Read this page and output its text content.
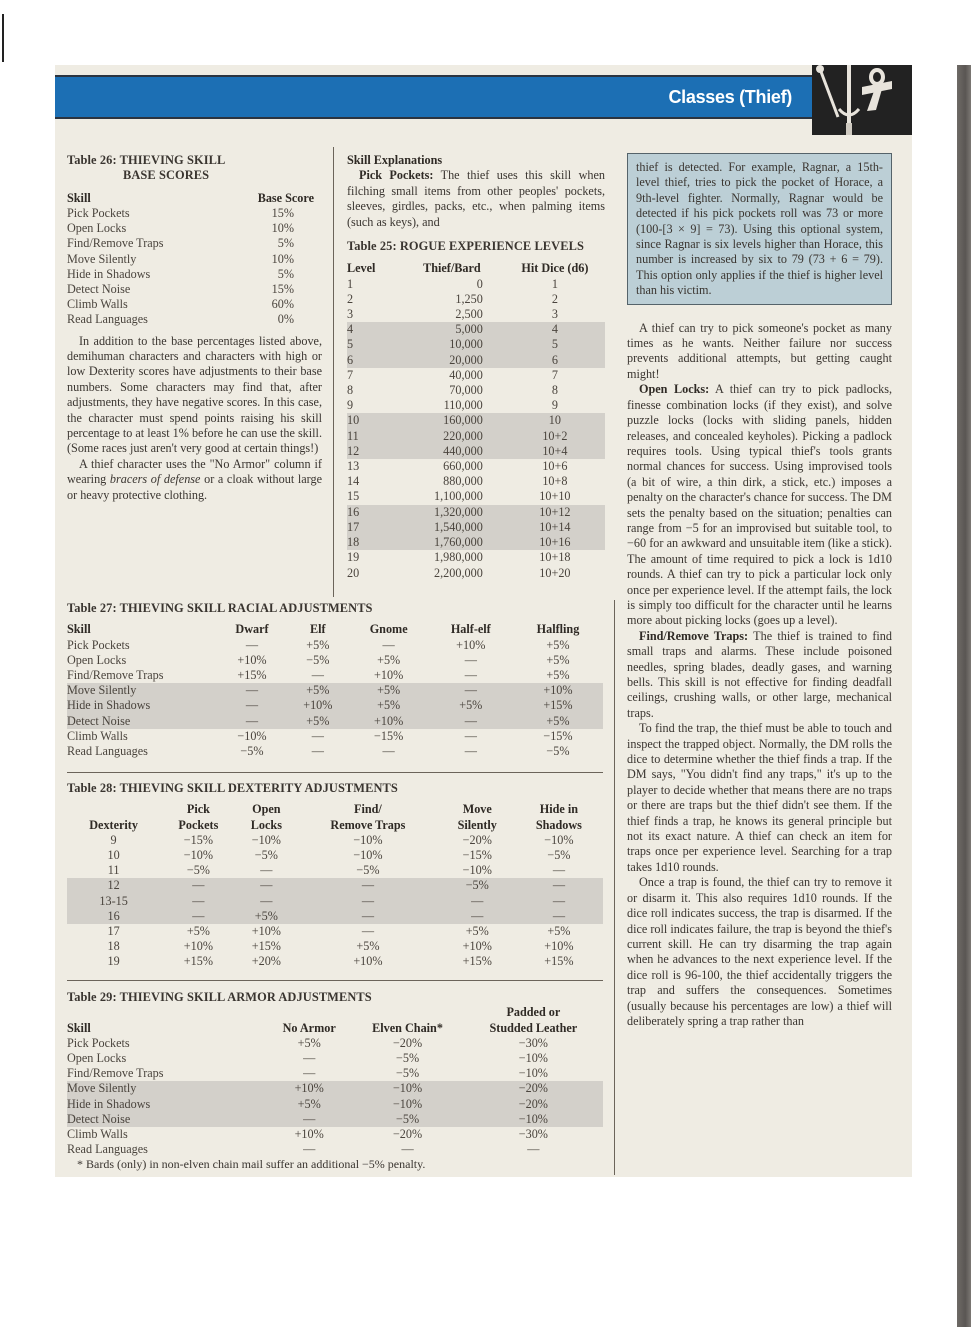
Classes (Thief)
Table 26: THIEVING SKILL
BASE SCORES
Skill	Base Score
Pick Pockets	15%
Open Locks	10%
Find/Remove Traps	5%
Move Silently	10%
Hide in Shadows	5%
Detect Noise	15%
Climb Walls	60%
Read Languages	0%

In addition to the base percentages listed above, demihuman characters and characters with high or low Dexterity scores have adjustments to their base numbers. Some characters may find that, after adjustments, they have negative scores. In this case, the character must spend points raising his skill percentage to at least 1% before he can use the skill. (Some races just aren't very good at certain things!)

A thief character uses the "No Armor" column if wearing bracers of defense or a cloak without large or heavy protective clothing.

Skill Explanations

Pick Pockets: The thief uses this skill when filching small items from other peoples' pockets, sleeves, girdles, packs, etc., when palming items (such as keys), and

Table 25: ROGUE EXPERIENCE LEVELS
Level	Thief/Bard	Hit Dice (d6)
1	0	1
2	1,250	2
3	2,500	3
4	5,000	4
5	10,000	5
6	20,000	6
7	40,000	7
8	70,000	8
9	110,000	9
10	160,000	10
11	220,000	10+2
12	440,000	10+4
13	660,000	10+6
14	880,000	10+8
15	1,100,000	10+10
16	1,320,000	10+12
17	1,540,000	10+14
18	1,760,000	10+16
19	1,980,000	10+18
20	2,200,000	10+20

thief is detected. For example, Ragnar, a 15th-level thief, tries to pick the pocket of Horace, a 9th-level fighter. Normally, Ragnar would be detected if his pick pockets roll was 73 or more (100-[3 × 9] = 73). Using this optional system, since Ragnar is six levels higher than Horace, this number is increased by six to 79 (73 + 6 = 79). This option only applies if the thief is higher level than his victim.

A thief can try to pick someone's pocket as many times as he wants. Neither failure nor success prevents additional attempts, but getting caught might!

Open Locks: A thief can try to pick padlocks, finesse combination locks (if they exist), and solve puzzle locks (locks with sliding panels, hidden releases, and concealed keyholes). Picking a padlock requires tools. Using typical thief's tools grants normal chances for success. Using improvised tools (a bit of wire, a thin dirk, a stick, etc.) imposes a penalty on the character's chance for success. The DM sets the penalty based on the situation; penalties can range from −5 for an improvised but suitable tool, to −60 for an awkward and unsuitable item (like a stick). The amount of time required to pick a lock is 1d10 rounds. A thief can try to pick a particular lock only once per experience level. If the attempt fails, the lock is simply too difficult for the character until he learns more about picking locks (goes up a level).

Find/Remove Traps: The thief is trained to find small traps and alarms. These include poisoned needles, spring blades, deadly gases, and warning bells. This skill is not effective for finding deadfall ceilings, crushing walls, or other large, mechanical traps.

To find the trap, the thief must be able to touch and inspect the trapped object. Normally, the DM rolls the dice to determine whether the thief finds a trap. If the DM says, "You didn't find any traps," it's up to the player to decide whether that means there are no traps or there are traps but the thief didn't see them. If the thief finds a trap, he knows its general principle but not its exact nature. A thief can check an item for traps once per experience level. Searching for a trap takes 1d10 rounds.

Once a trap is found, the thief can try to remove it or disarm it. This also requires 1d10 rounds. If the dice roll indicates success, the trap is disarmed. If the dice roll indicates failure, the trap is beyond the thief's current skill. He can try disarming the trap again when he advances to the next experience level. If the dice roll is 96-100, the thief accidentally triggers the trap and suffers the consequences. Sometimes (usually because his percentages are low) a thief will deliberately spring a trap rather than

Table 27: THIEVING SKILL RACIAL ADJUSTMENTS
Skill	Dwarf	Elf	Gnome	Half-elf	Halfling
Pick Pockets	—	+5%	—	+10%	+5%
Open Locks	+10%	−5%	+5%	—	+5%
Find/Remove Traps	+15%	—	+10%	—	+5%
Move Silently	—	+5%	+5%	—	+10%
Hide in Shadows	—	+10%	+5%	+5%	+15%
Detect Noise	—	+5%	+10%	—	+5%
Climb Walls	−10%	—	−15%	—	−15%
Read Languages	−5%	—	—	—	−5%
Table 28: THIEVING SKILL DEXTERITY ADJUSTMENTS
	Pick	Open	Find/	Move	Hide in
Dexterity	Pockets	Locks	Remove Traps	Silently	Shadows
9	−15%	−10%	−10%	−20%	−10%
10	−10%	−5%	−10%	−15%	−5%
11	−5%	—	−5%	−10%	—
12	—	—	—	−5%	—
13-15	—	—	—	—	—
16	—	+5%	—	—	—
17	+5%	+10%	—	+5%	+5%
18	+10%	+15%	+5%	+10%	+10%
19	+15%	+20%	+10%	+15%	+15%
Table 29: THIEVING SKILL ARMOR ADJUSTMENTS
			Padded or
Skill	No Armor	Elven Chain*	Studded Leather
Pick Pockets	+5%	−20%	−30%
Open Locks	—	−5%	−10%
Find/Remove Traps	—	−5%	−10%
Move Silently	+10%	−10%	−20%
Hide in Shadows	+5%	−10%	−20%
Detect Noise	—	−5%	−10%
Climb Walls	+10%	−20%	−30%
Read Languages	—	—	—
* Bards (only) in non-elven chain mail suffer an additional −5% penalty.
